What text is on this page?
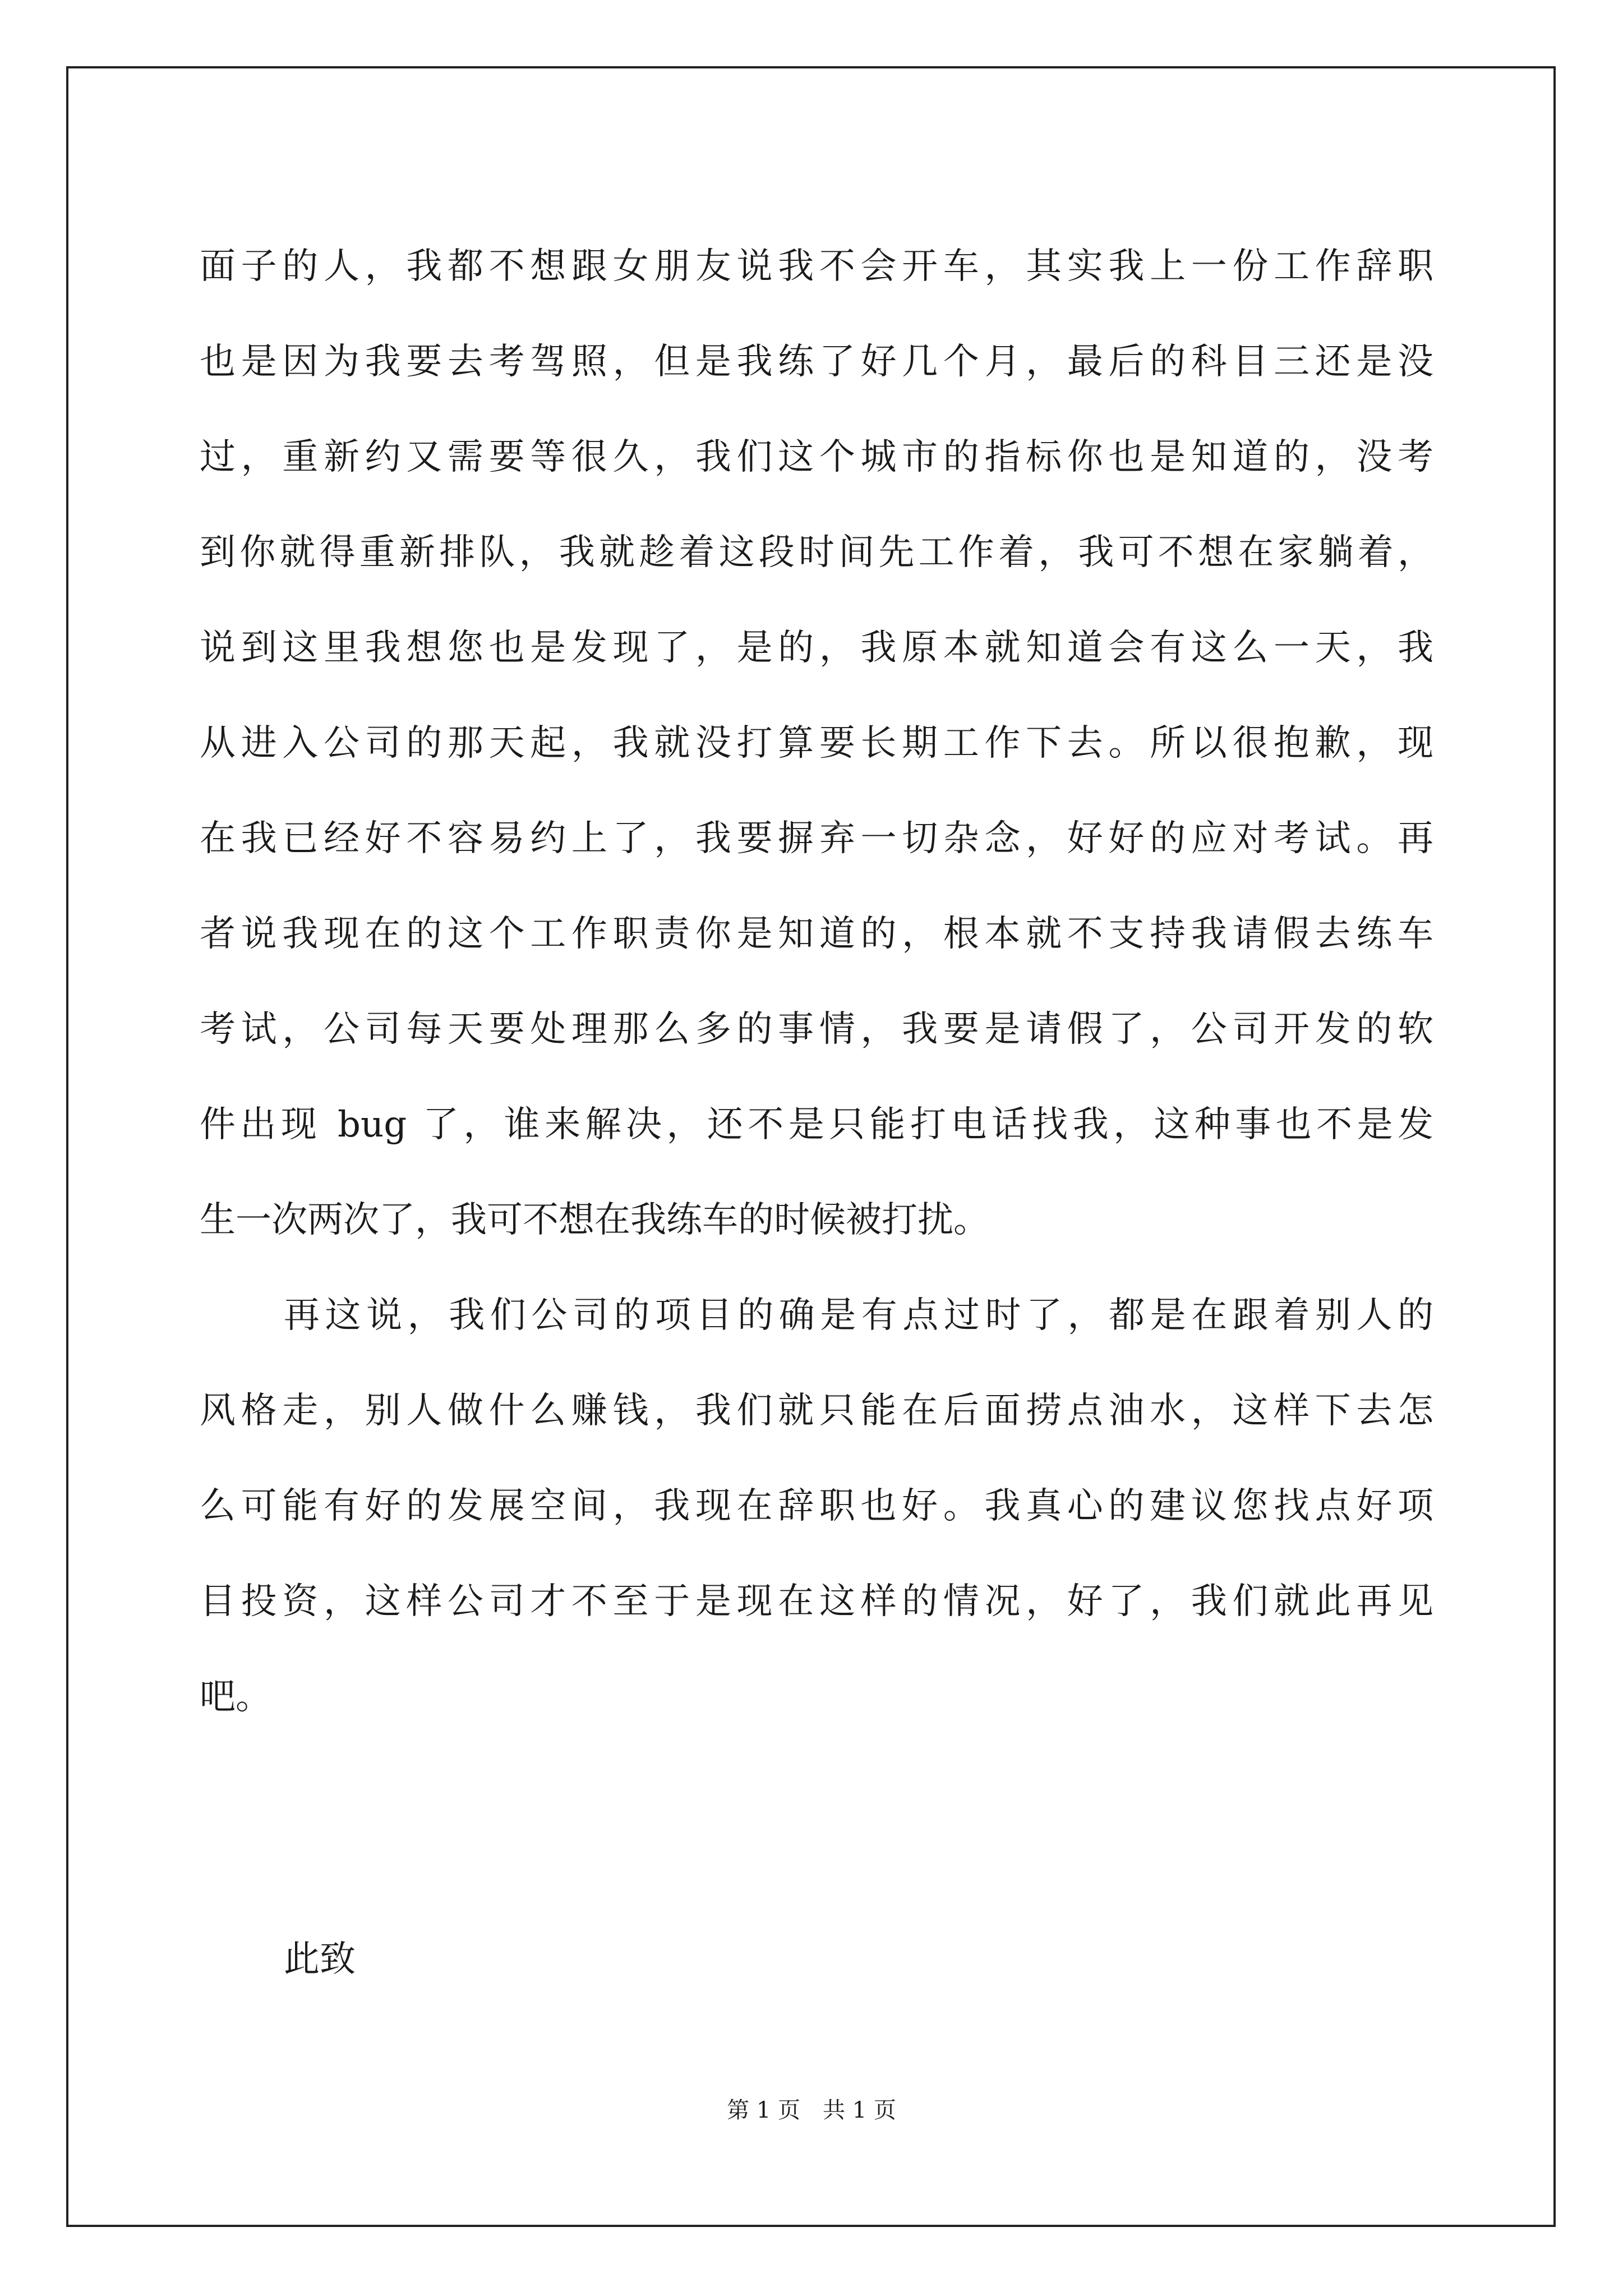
面子的人，我都不想跟女朋友说我不会开车，其实我上一份工作辞职
也是因为我要去考驾照，但是我练了好几个月，最后的科目三还是没
过，重新约又需要等很久，我们这个城市的指标你也是知道的，没考
到你就得重新排队，我就趁着这段时间先工作着，我可不想在家躺着，
说到这里我想您也是发现了，是的，我原本就知道会有这么一天，我
从进入公司的那天起，我就没打算要长期工作下去。所以很抱歉，现
在我已经好不容易约上了，我要摒弃一切杂念，好好的应对考试。再
者说我现在的这个工作职责你是知道的，根本就不支持我请假去练车
考试，公司每天要处理那么多的事情，我要是请假了，公司开发的软
件出现 bug 了，谁来解决，还不是只能打电话找我，这种事也不是发
生一次两次了，我可不想在我练车的时候被打扰。
再这说，我们公司的项目的确是有点过时了，都是在跟着别人的
风格走，别人做什么赚钱，我们就只能在后面捞点油水，这样下去怎
么可能有好的发展空间，我现在辞职也好。我真心的建议您找点好项
目投资，这样公司才不至于是现在这样的情况，好了，我们就此再见
吧。
此致
第 1 页　共 1 页
